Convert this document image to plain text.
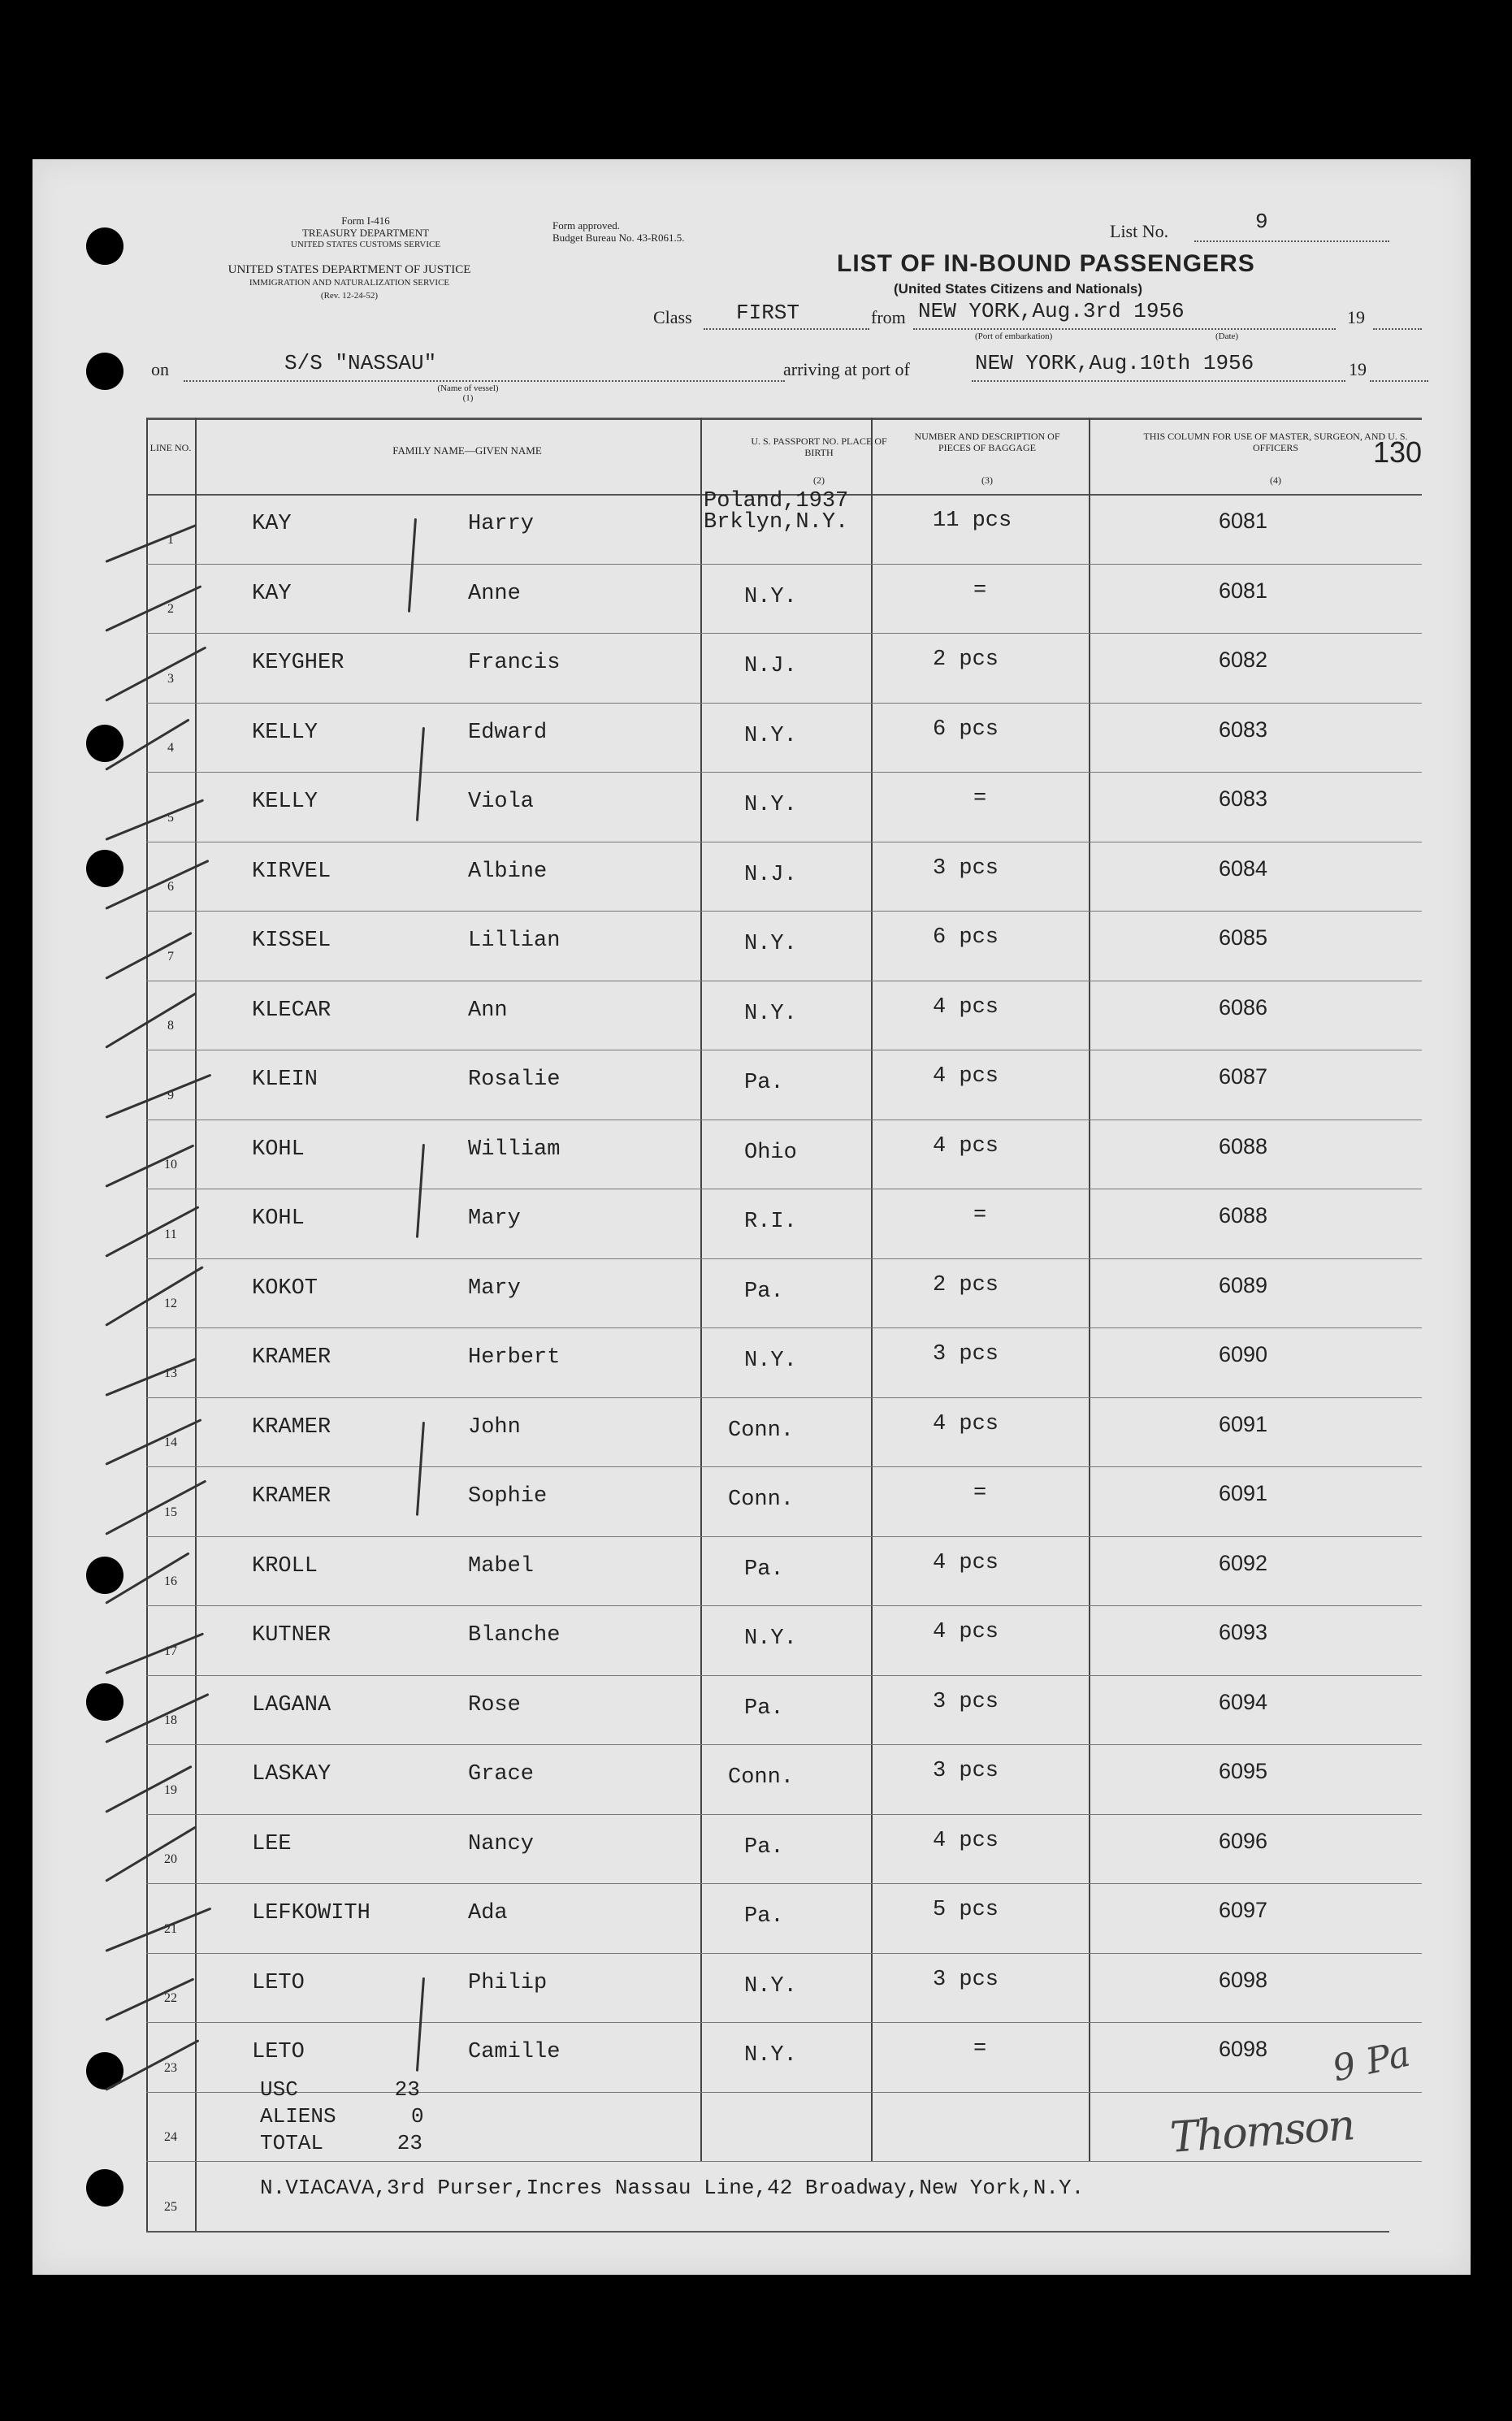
Form I-416
TREASURY DEPARTMENT
UNITED STATES CUSTOMS SERVICE
UNITED STATES DEPARTMENT OF JUSTICE
IMMIGRATION AND NATURALIZATION SERVICE
(Rev. 12-24-52)
Form approved.
Budget Bureau No. 43-R061.5.	List No.	9
LIST OF IN-BOUND PASSENGERS
(United States Citizens and Nationals)
Class FIRST	from NEW YORK,Aug.3rd 1956	19
(Port of embarkation)	(Date)
on	S/S "NASSAU"
(Name of vessel)
(1)
arriving at port of	NEW YORK,Aug.10th 1956	19
130
LINE NO.	FAMILY NAME—GIVEN NAME
U. S. PASSPORT NO. PLACE OF BIRTH
(2)
NUMBER AND DESCRIPTION OF PIECES OF BAGGAGE
(3)
THIS COLUMN FOR USE OF MASTER, SURGEON, AND U. S. OFFICERS
(4)
1
KAY	Harry
Poland,1937
Brklyn,N.Y.	11 pcs	6081
2
KAY	Anne	N.Y.	=	6081
3
KEYGHER	Francis	N.J.	2 pcs	6082
4
KELLY	Edward	N.Y.	6 pcs	6083
5
KELLY	Viola	N.Y.	=	6083
6
KIRVEL	Albine	N.J.	3 pcs	6084
7
KISSEL	Lillian	N.Y.	6 pcs	6085
8
KLECAR	Ann	N.Y.	4 pcs	6086
9
KLEIN	Rosalie	Pa.	4 pcs	6087
10
KOHL	William	Ohio	4 pcs	6088
11
KOHL	Mary	R.I.	=	6088
12
KOKOT	Mary	Pa.	2 pcs	6089
13
KRAMER	Herbert	N.Y.	3 pcs	6090
14
KRAMER	John	Conn.	4 pcs	6091
15
KRAMER	Sophie	Conn.	=	6091
16
KROLL	Mabel	Pa.	4 pcs	6092
17
KUTNER	Blanche	N.Y.	4 pcs	6093
18
LAGANA	Rose	Pa.	3 pcs	6094
19
LASKAY	Grace	Conn.	3 pcs	6095
20
LEE	Nancy	Pa.	4 pcs	6096
21
LEFKOWITH	Ada	Pa.	5 pcs	6097
22
LETO	Philip	N.Y.	3 pcs	6098
23
LETO	Camille	N.Y.	=	6098
24
25
USC	23
ALIENS	0
TOTAL	23
N.VIACAVA,3rd Purser,Incres Nassau Line,42 Broadway,New York,N.Y.
9 Pa
Thomson
